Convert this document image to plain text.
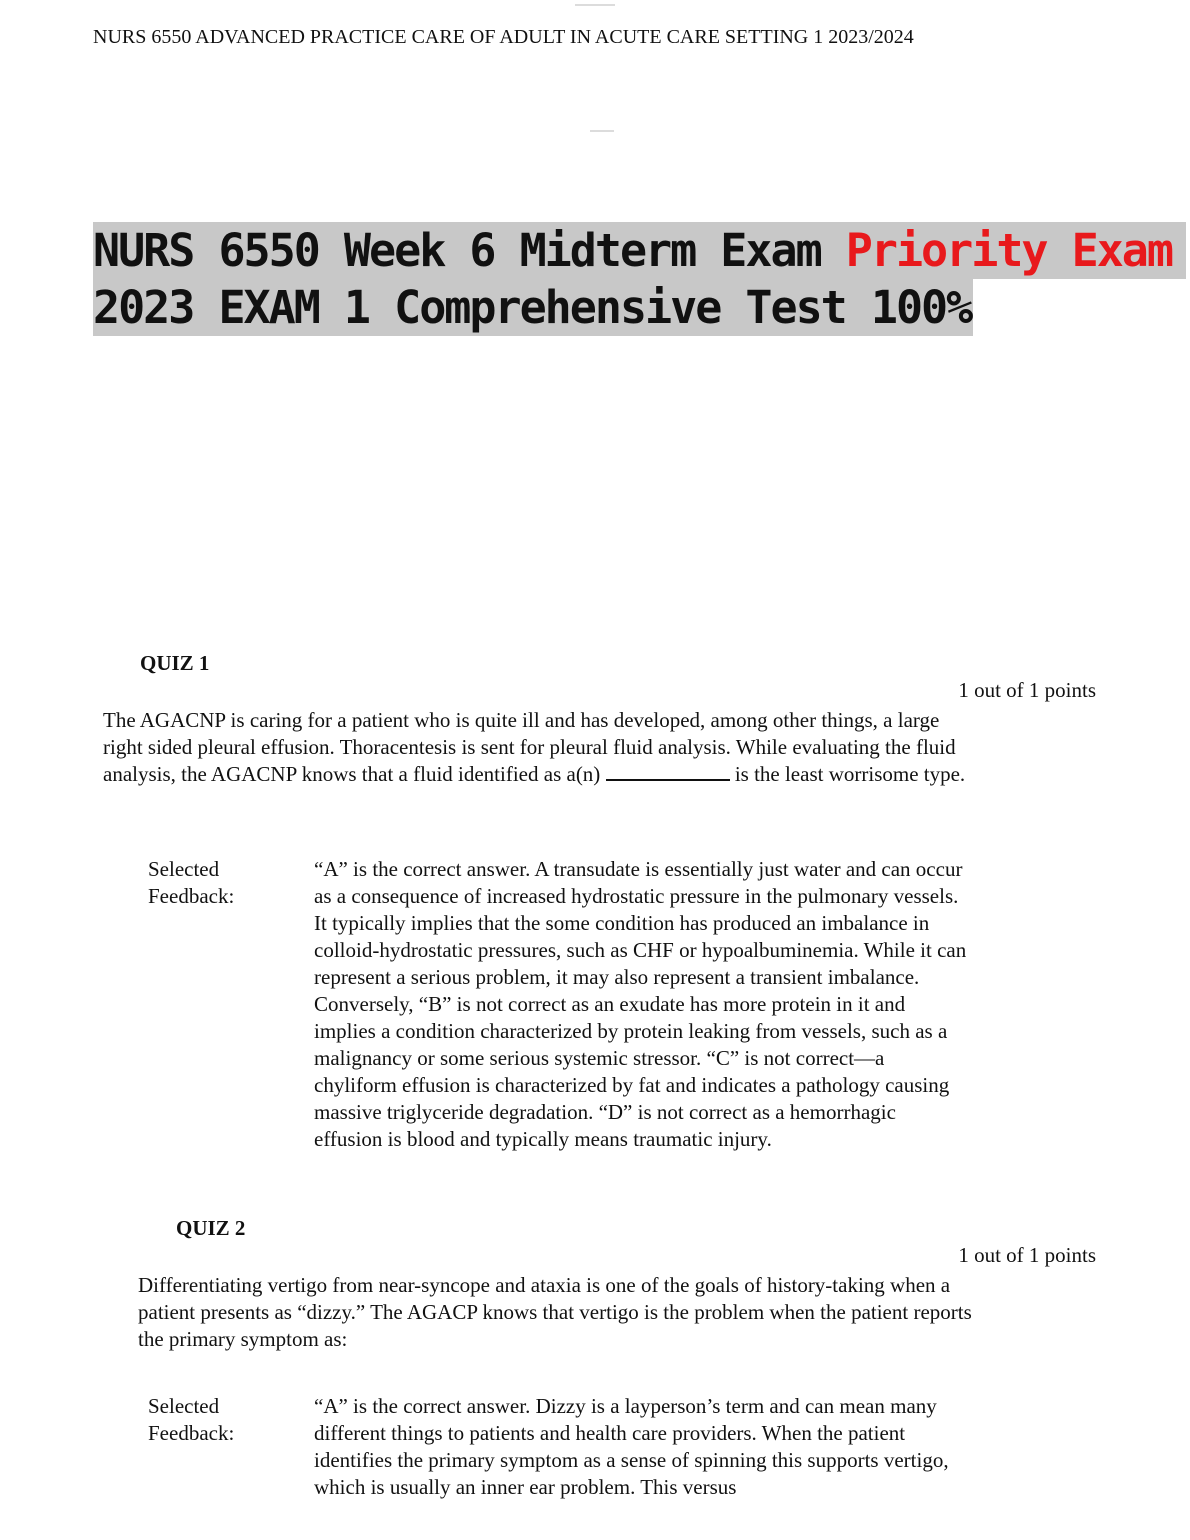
NURS 6550 ADVANCED PRACTICE CARE OF ADULT IN ACUTE CARE SETTING 1 2023/2024
NURS 6550 Week 6 Midterm Exam Priority Exam
2023 EXAM 1 Comprehensive Test 100%
QUIZ 1
1 out of 1 points
The AGACNP is caring for a patient who is quite ill and has developed, among other things, a large right sided pleural effusion. Thoracentesis is sent for pleural fluid analysis. While evaluating the fluid analysis, the AGACNP knows that a fluid identified as a(n)	is the least worrisome type.
Selected
Feedback:
“A” is the correct answer. A transudate is essentially just water and can occur as a consequence of increased hydrostatic pressure in the pulmonary vessels. It typically implies that the some condition has produced an imbalance in colloid-hydrostatic pressures, such as CHF or hypoalbuminemia. While it can represent a serious problem, it may also represent a transient imbalance. Conversely, “B” is not correct as an exudate has more protein in it and implies a condition characterized by protein leaking from vessels, such as a malignancy or some serious systemic stressor. “C” is not correct—a chyliform effusion is characterized by fat and indicates a pathology causing massive triglyceride degradation. “D” is not correct as a hemorrhagic effusion is blood and typically means traumatic injury.
QUIZ 2
1 out of 1 points
Differentiating vertigo from near-syncope and ataxia is one of the goals of history-taking when a patient presents as “dizzy.” The AGACP knows that vertigo is the problem when the patient reports the primary symptom as:
Selected
Feedback:
“A” is the correct answer. Dizzy is a layperson’s term and can mean many different things to patients and health care providers. When the patient identifies the primary symptom as a sense of spinning this supports vertigo, which is usually an inner ear problem. This versus
